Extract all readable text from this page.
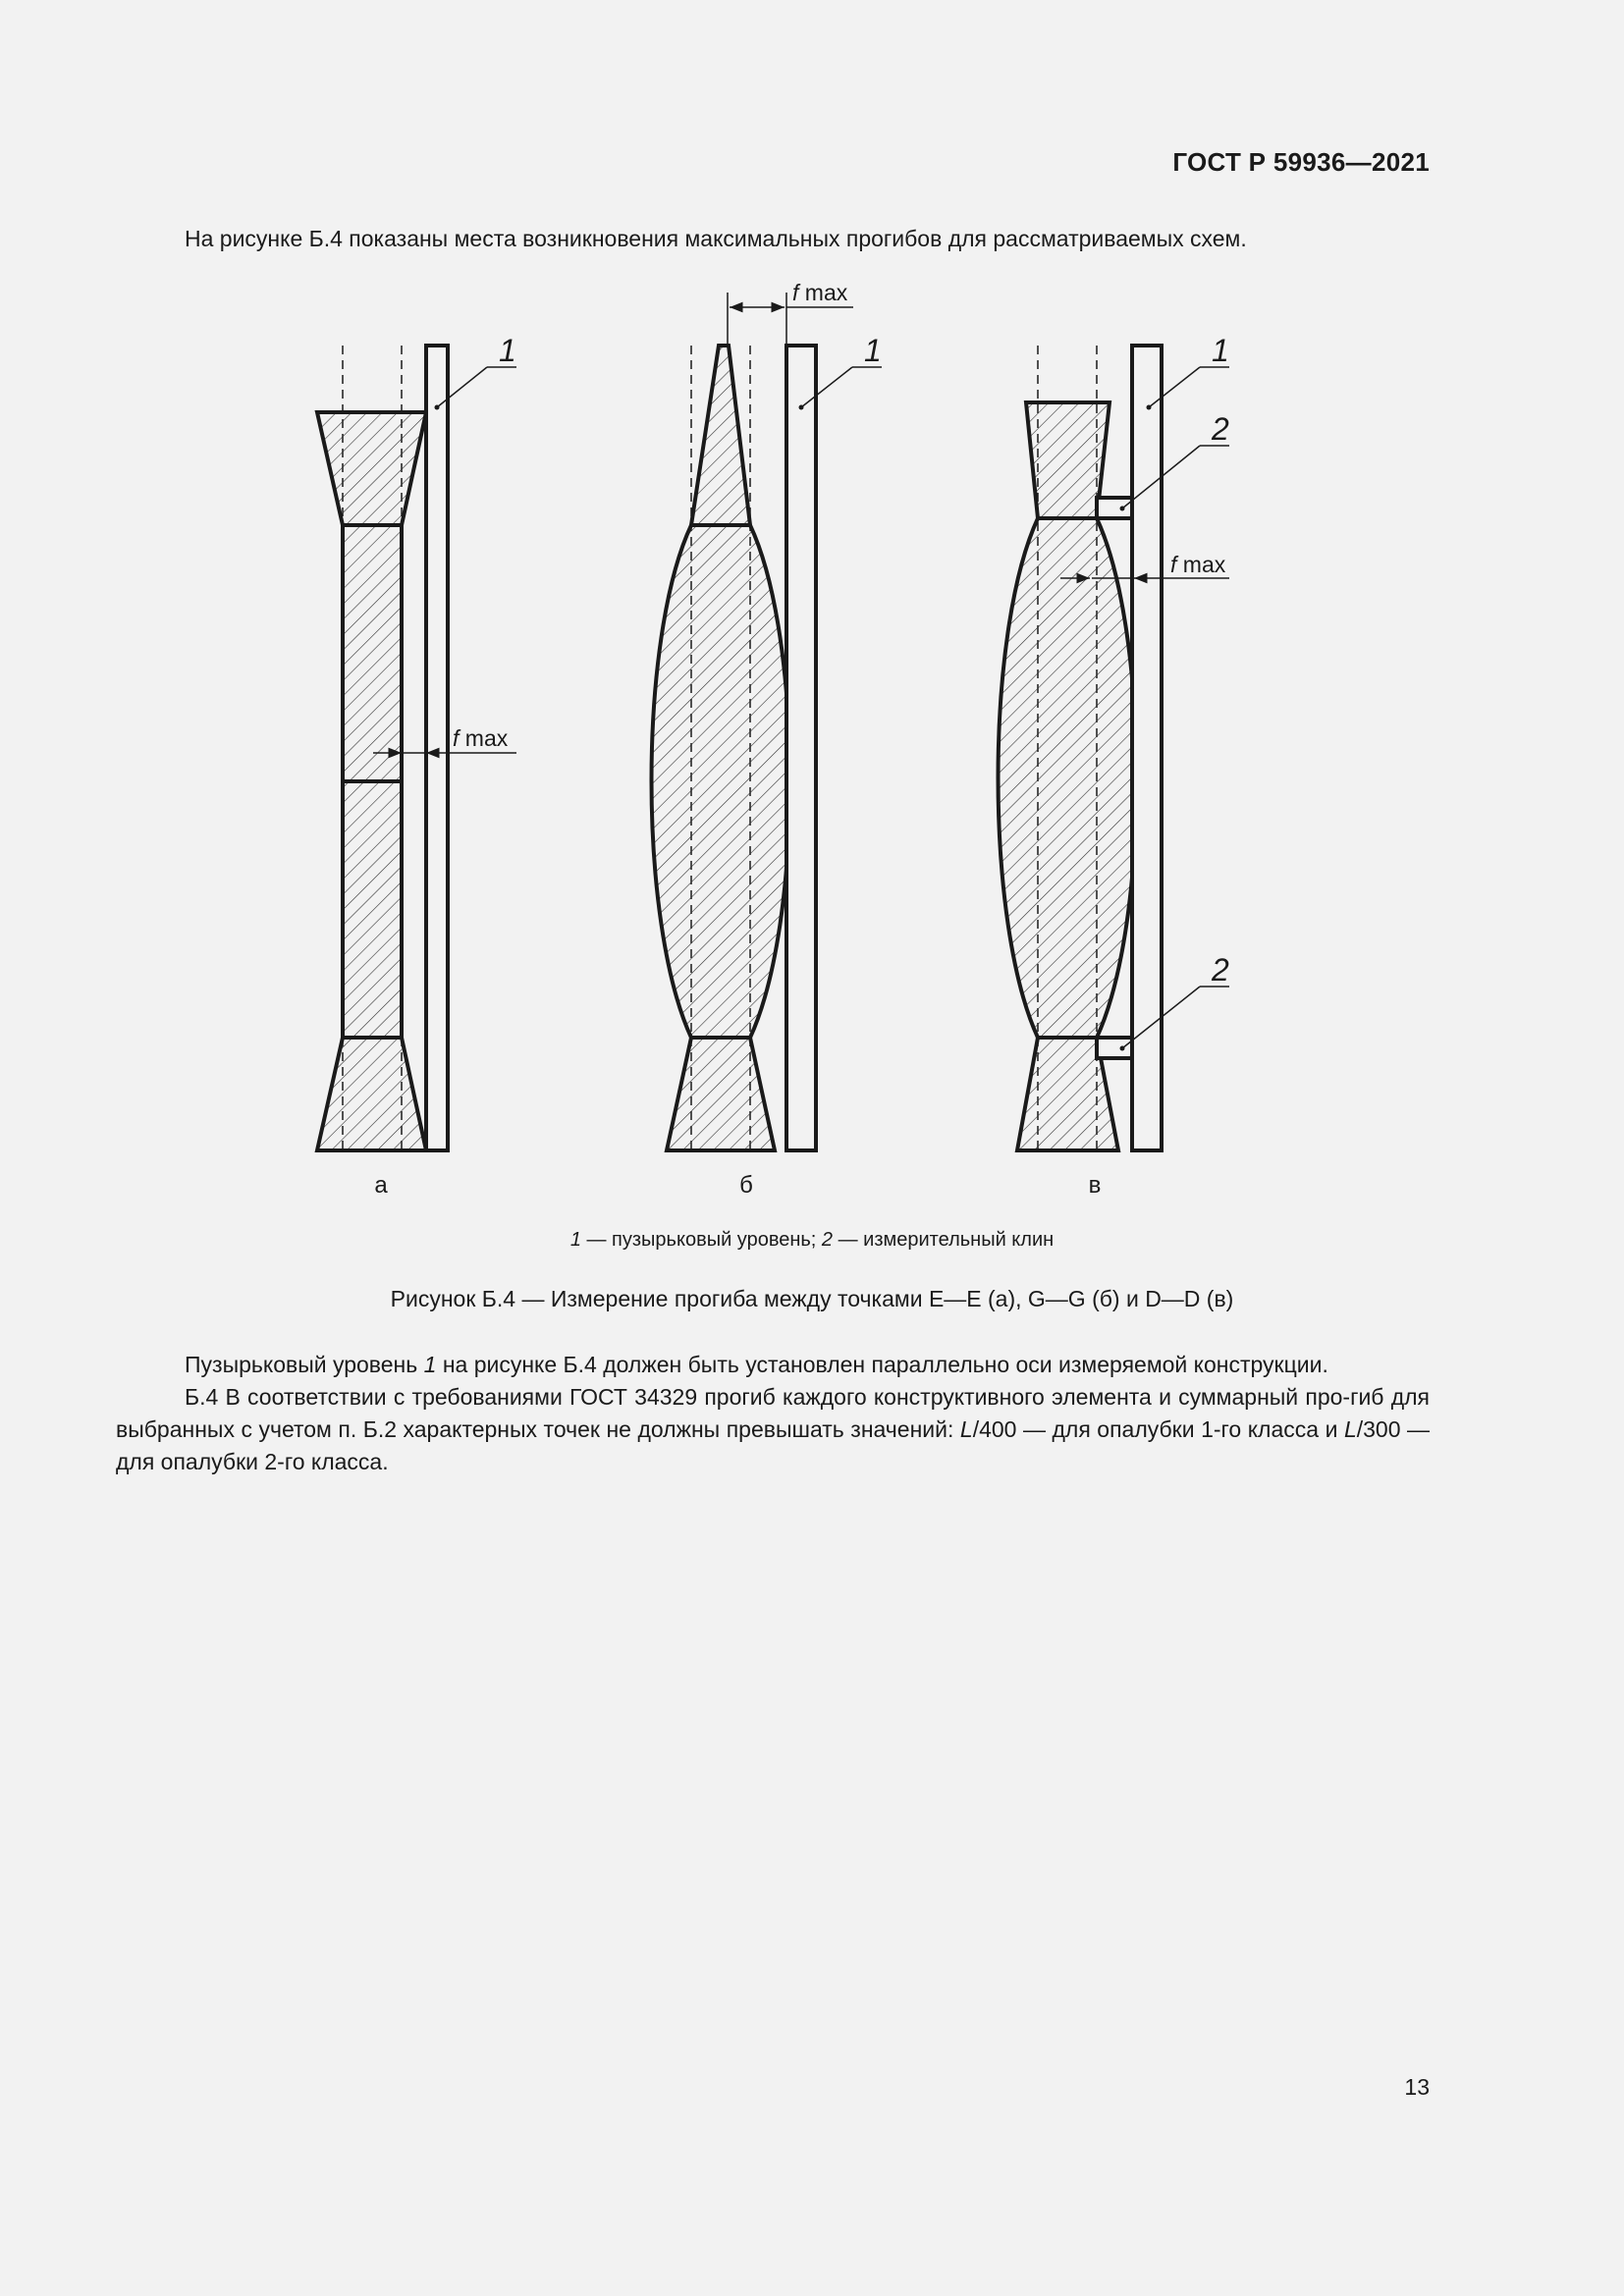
ГОСТ Р 59936—2021
На рисунке Б.4 показаны места возникновения максимальных прогибов для рассматриваемых схем.
1
f max
а
1
f max
б
1
2
2
f max
в
1 — пузырьковый уровень; 2 — измерительный клин
Рисунок Б.4 — Измерение прогиба между точками E—E (а), G—G (б) и D—D (в)

Пузырьковый уровень 1 на рисунке Б.4 должен быть установлен параллельно оси измеряемой конструкции.

Б.4 В соответствии с требованиями ГОСТ 34329 прогиб каждого конструктивного элемента и суммарный про-гиб для выбранных с учетом п. Б.2 характерных точек не должны превышать значений: L/400 — для опалубки 1-го класса и L/300 — для опалубки 2-го класса.

13
